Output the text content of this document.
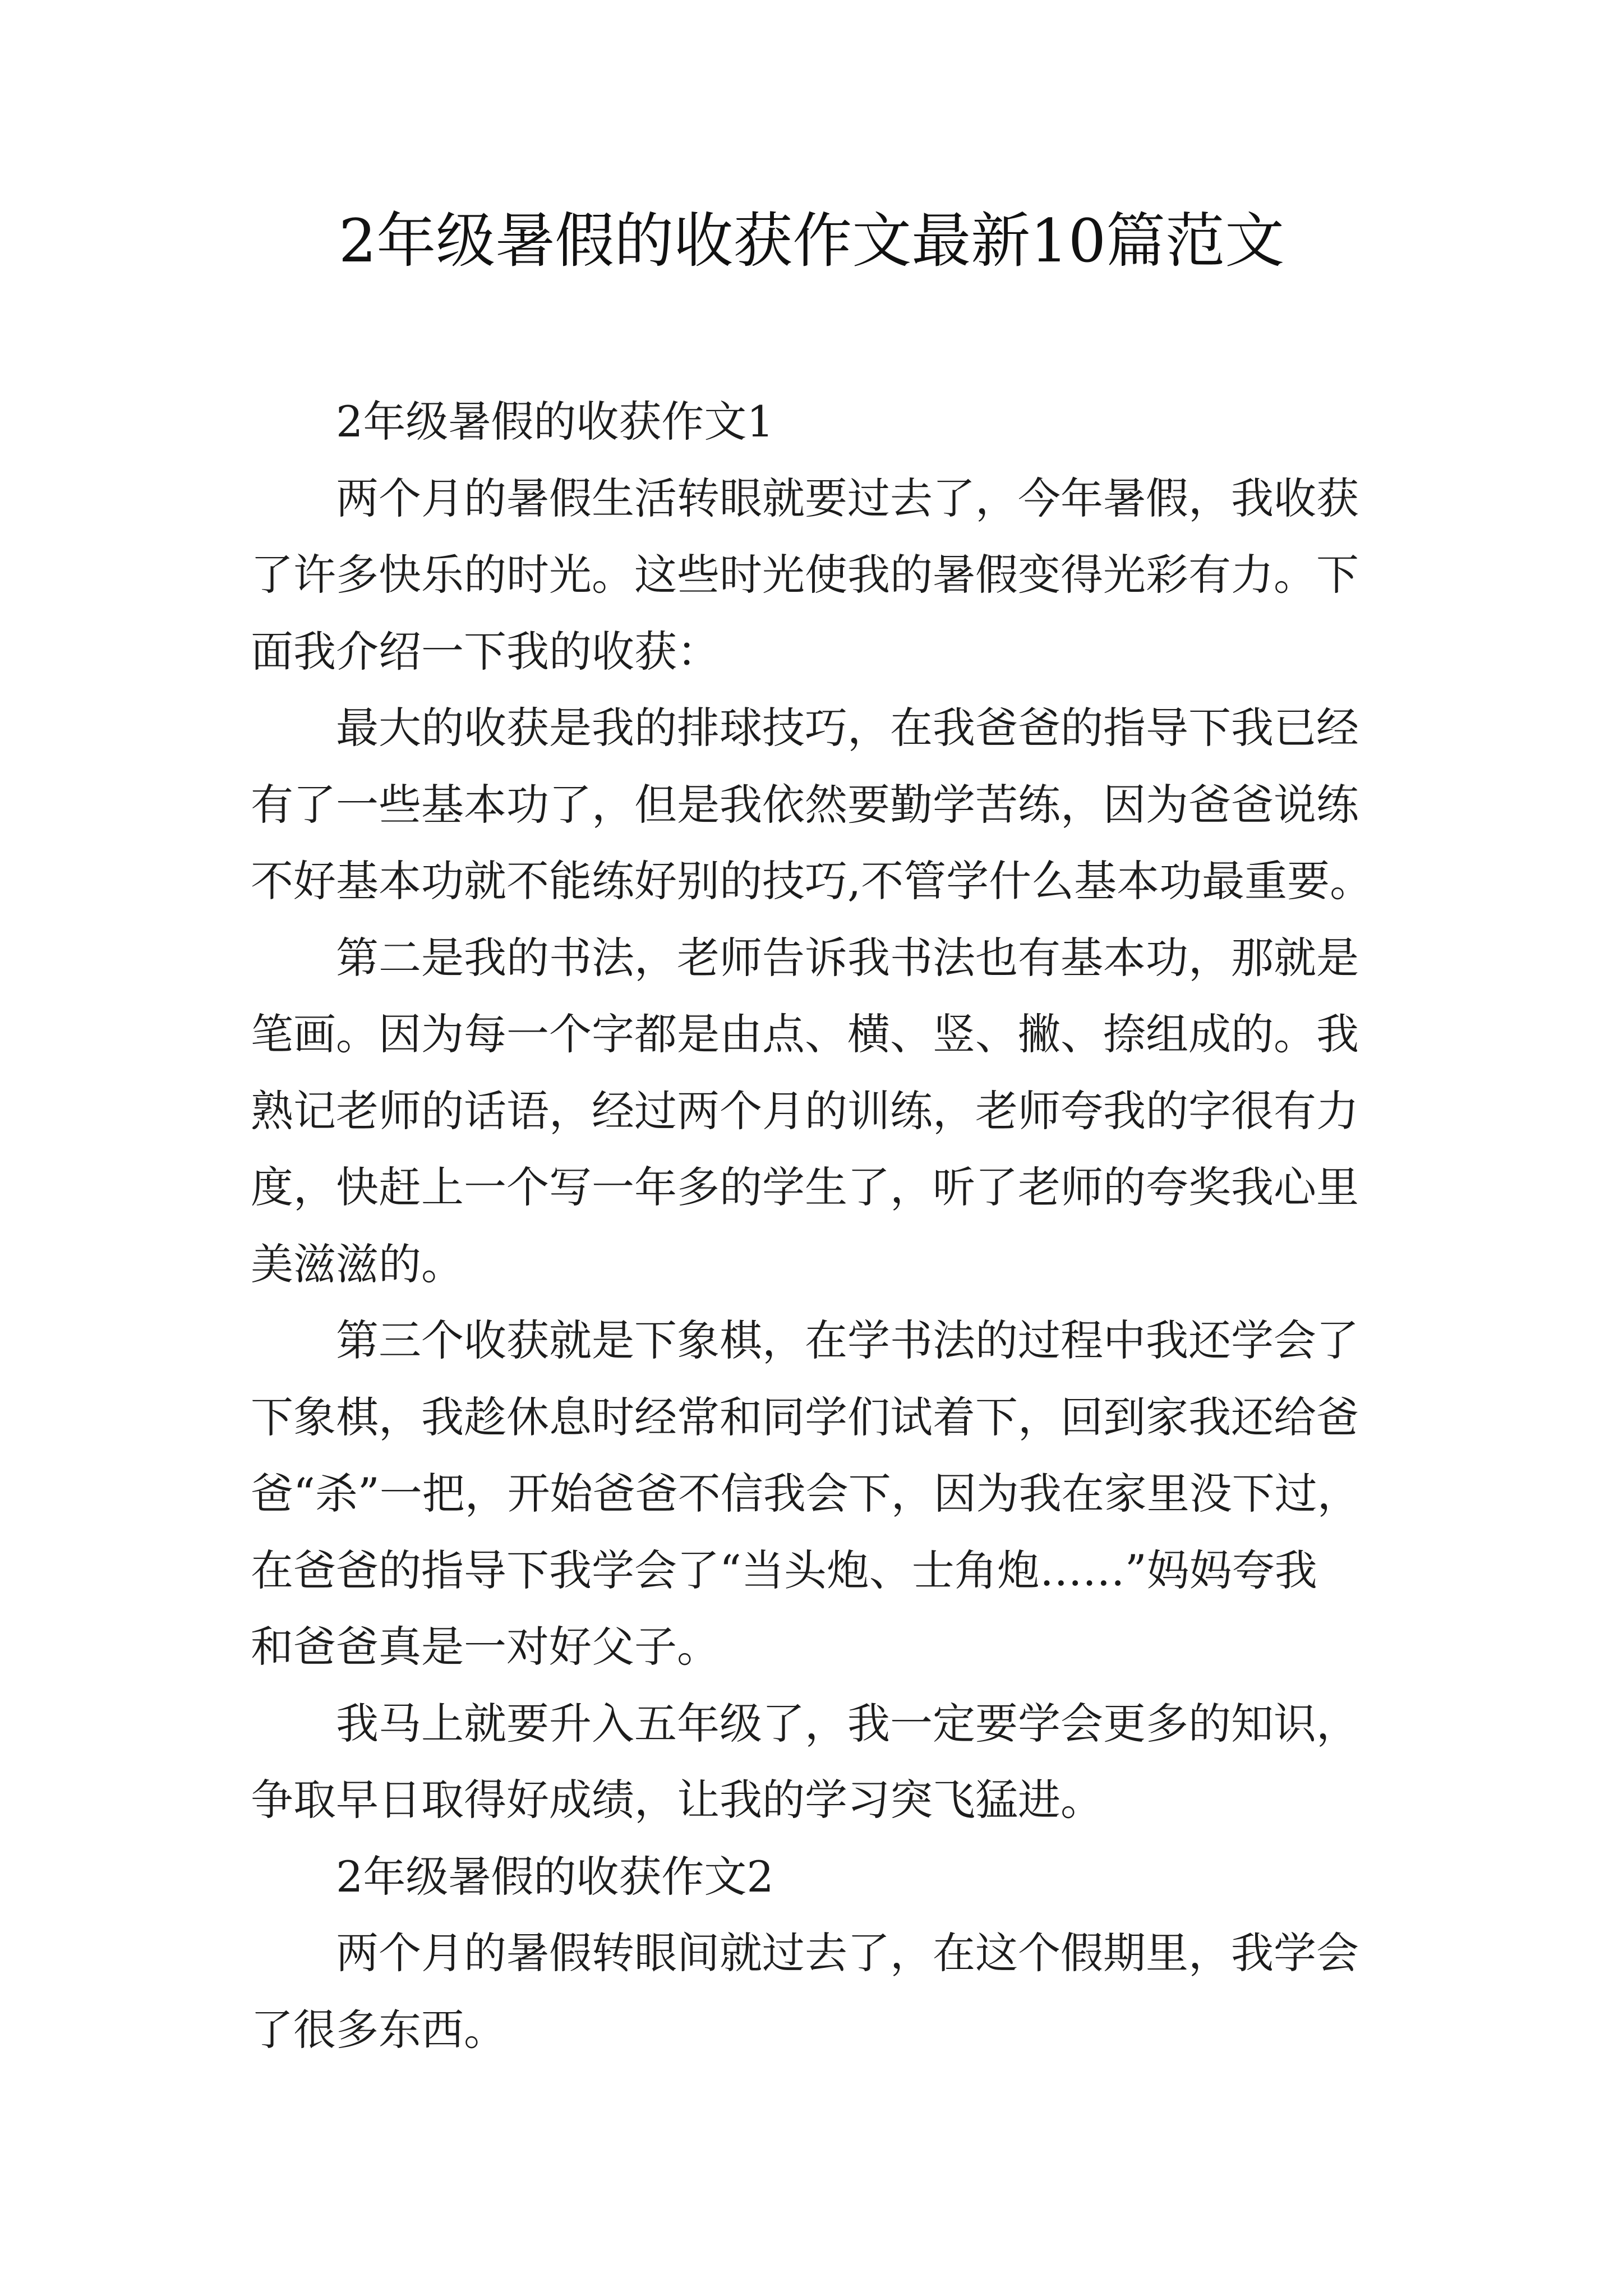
2年级暑假的收获作文最新10篇范文
2年级暑假的收获作文1
两个月的暑假生活转眼就要过去了，今年暑假，我收获
了许多快乐的时光。这些时光使我的暑假变得光彩有力。下
面我介绍一下我的收获：
最大的收获是我的排球技巧，在我爸爸的指导下我已经
有了一些基本功了，但是我依然要勤学苦练，因为爸爸说练
不好基本功就不能练好别的技巧,不管学什么基本功最重要。
第二是我的书法，老师告诉我书法也有基本功，那就是
笔画。因为每一个字都是由点、横、竖、撇、捺组成的。我
熟记老师的话语，经过两个月的训练，老师夸我的字很有力
度，快赶上一个写一年多的学生了，听了老师的夸奖我心里
美滋滋的。
第三个收获就是下象棋，在学书法的过程中我还学会了
下象棋，我趁休息时经常和同学们试着下，回到家我还给爸
爸“杀”一把，开始爸爸不信我会下，因为我在家里没下过，
在爸爸的指导下我学会了“当头炮、士角炮……”妈妈夸我
和爸爸真是一对好父子。
我马上就要升入五年级了，我一定要学会更多的知识，
争取早日取得好成绩，让我的学习突飞猛进。
2年级暑假的收获作文2
两个月的暑假转眼间就过去了，在这个假期里，我学会
了很多东西。
